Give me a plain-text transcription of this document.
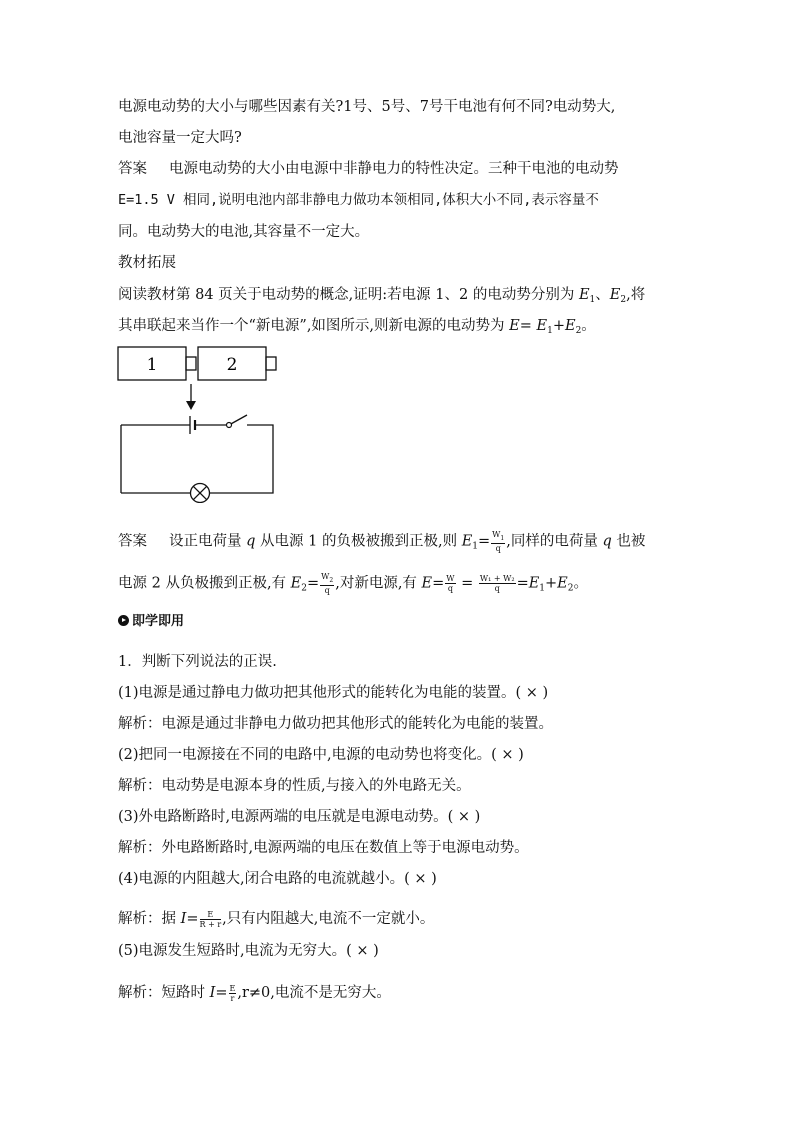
电源电动势的大小与哪些因素有关?1号、5号、7号干电池有何不同?电动势大,
电池容量一定大吗?
答案 电源电动势的大小由电源中非静电力的特性决定。三种干电池的电动势
E=1.5 V 相同,说明电池内部非静电力做功本领相同,体积大小不同,表示容量不
同。电动势大的电池,其容量不一定大。
教材拓展
阅读教材第 84 页关于电动势的概念,证明:若电源 1、2 的电动势分别为 $E_1$、$E_2$,将
其串联起来当作一个“新电源”,如图所示,则新电源的电动势为 $E= E_1+E_2$。
1	2
答案 设正电荷量 q 从电源 1 的负极被搬到正极,则 $E_1= \frac{W_1}{q}$ ,同样的电荷量 q 也被
电源 2 从负极搬到正极,有 $E_2= \frac{W_2}{q}$ ,对新电源,有 $E= \frac{W}{q} = \frac{\text{W₁ + W₂}}{q} =E_1+E_2$。
即学即用
1．判断下列说法的正误.
(1)电源是通过静电力做功把其他形式的能转化为电能的装置。( × )
解析：电源是通过非静电力做功把其他形式的能转化为电能的装置。
(2)把同一电源接在不同的电路中,电源的电动势也将变化。( × )
解析：电动势是电源本身的性质,与接入的外电路无关。
(3)外电路断路时,电源两端的电压就是电源电动势。( × )
解析：外电路断路时,电源两端的电压在数值上等于电源电动势。
(4)电源的内阻越大,闭合电路的电流就越小。( × )
解析：据 $I= \frac{E}{R + r}$ ,只有内阻越大,电流不一定就小。
(5)电源发生短路时,电流为无穷大。( × )
解析：短路时 $I= \frac{E}{r} ,r\ne 0$,电流不是无穷大。
